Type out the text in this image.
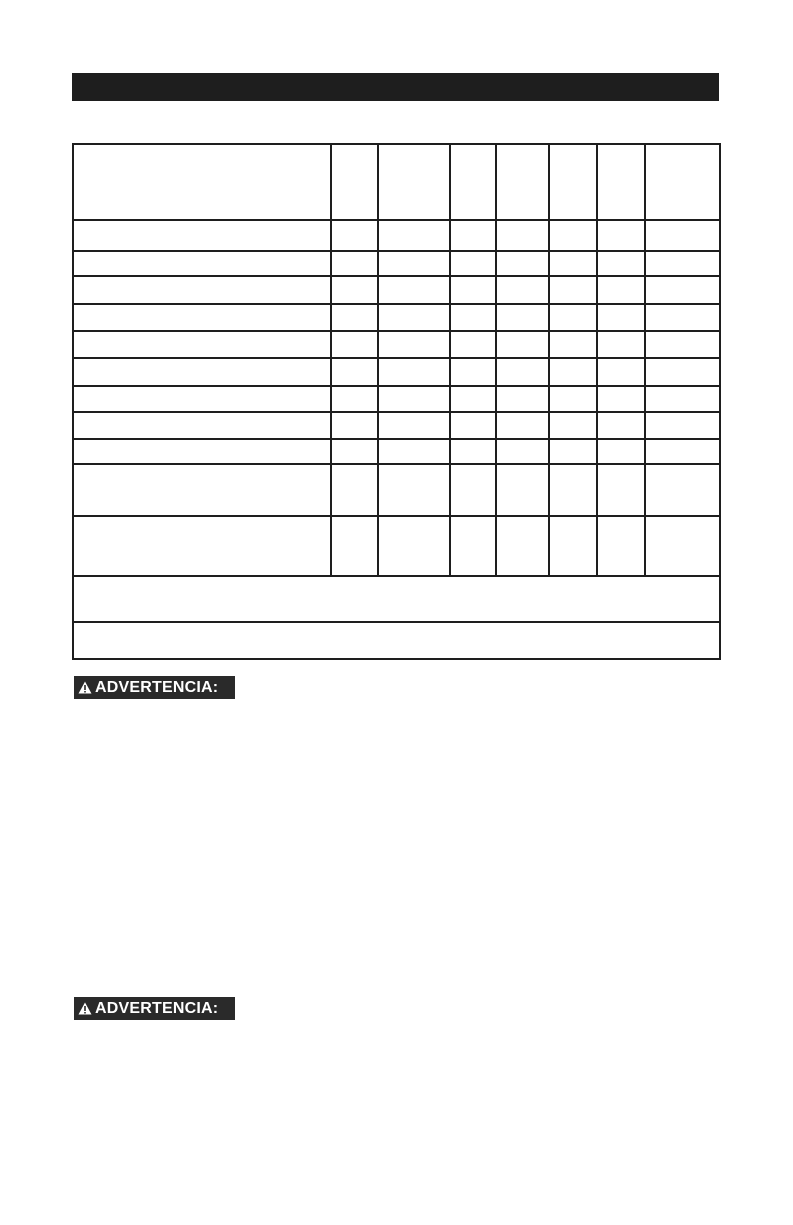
ADVERTENCIA:
ADVERTENCIA:
